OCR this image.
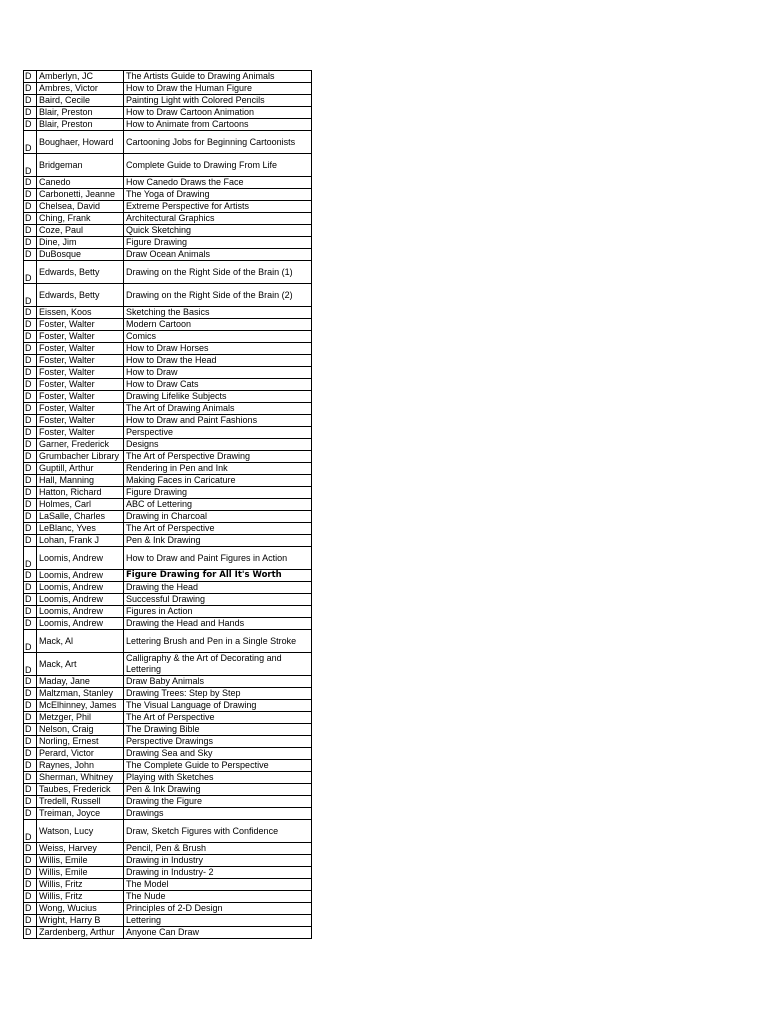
D	Amberlyn, JC	The Artists Guide to Drawing Animals
D	Ambres, Victor	How to Draw the Human Figure
D	Baird, Cecile	Painting Light with Colored Pencils
D	Blair, Preston	How to Draw Cartoon Animation
D	Blair, Preston	How to Animate from Cartoons
D	Boughaer, Howard	Cartooning Jobs for Beginning Cartoonists
D	Bridgeman	Complete Guide to Drawing From Life
D	Canedo	How Canedo Draws the Face
D	Carbonetti, Jeanne	The Yoga of Drawing
D	Chelsea, David	Extreme Perspective for Artists
D	Ching, Frank	Architectural Graphics
D	Coze, Paul	Quick Sketching
D	Dine, Jim	Figure Drawing
D	DuBosque	Draw Ocean Animals
D	Edwards, Betty	Drawing on the Right Side of the Brain (1)
D	Edwards, Betty	Drawing on the Right Side of the Brain (2)
D	Eissen, Koos	Sketching the Basics
D	Foster, Walter	Modern Cartoon
D	Foster, Walter	Comics
D	Foster, Walter	How to Draw Horses
D	Foster, Walter	How to Draw the Head
D	Foster, Walter	How to Draw
D	Foster, Walter	How to Draw Cats
D	Foster, Walter	Drawing Lifelike Subjects
D	Foster, Walter	The Art of Drawing Animals
D	Foster, Walter	How to Draw and Paint Fashions
D	Foster, Walter	Perspective
D	Garner, Frederick	Designs
D	Grumbacher Library	The Art of Perspective Drawing
D	Guptill, Arthur	Rendering in Pen and Ink
D	Hall, Manning	Making Faces in Caricature
D	Hatton, Richard	Figure Drawing
D	Holmes, Carl	ABC of Lettering
D	LaSalle, Charles	Drawing in Charcoal
D	LeBlanc, Yves	The Art of Perspective
D	Lohan, Frank J	Pen & Ink Drawing
D	Loomis, Andrew	How to Draw and Paint Figures in Action
D	Loomis, Andrew	Figure Drawing for All It's Worth
D	Loomis, Andrew	Drawing the Head
D	Loomis, Andrew	Successful Drawing
D	Loomis, Andrew	Figures in Action
D	Loomis, Andrew	Drawing the Head and Hands
D	Mack, Al	Lettering Brush and Pen in a Single Stroke
D	Mack, Art	Calligraphy & the Art of Decorating and Lettering
D	Maday, Jane	Draw Baby Animals
D	Maltzman, Stanley	Drawing Trees: Step by Step
D	McElhinney, James	The Visual Language of Drawing
D	Metzger, Phil	The Art of Perspective
D	Nelson, Craig	The Drawing Bible
D	Norling, Ernest	Perspective Drawings
D	Perard, Victor	Drawing Sea and Sky
D	Raynes, John	The Complete Guide to Perspective
D	Sherman, Whitney	Playing with Sketches
D	Taubes, Frederick	Pen & Ink Drawing
D	Tredell, Russell	Drawing the Figure
D	Treiman, Joyce	Drawings
D	Watson, Lucy	Draw, Sketch Figures with Confidence
D	Weiss, Harvey	Pencil, Pen & Brush
D	Willis, Emile	Drawing in Industry
D	Willis, Emile	Drawing in Industry- 2
D	Willis, Fritz	The Model
D	Willis, Fritz	The Nude
D	Wong, Wucius	Principles of 2-D Design
D	Wright, Harry B	Lettering
D	Zardenberg, Arthur	Anyone Can Draw
